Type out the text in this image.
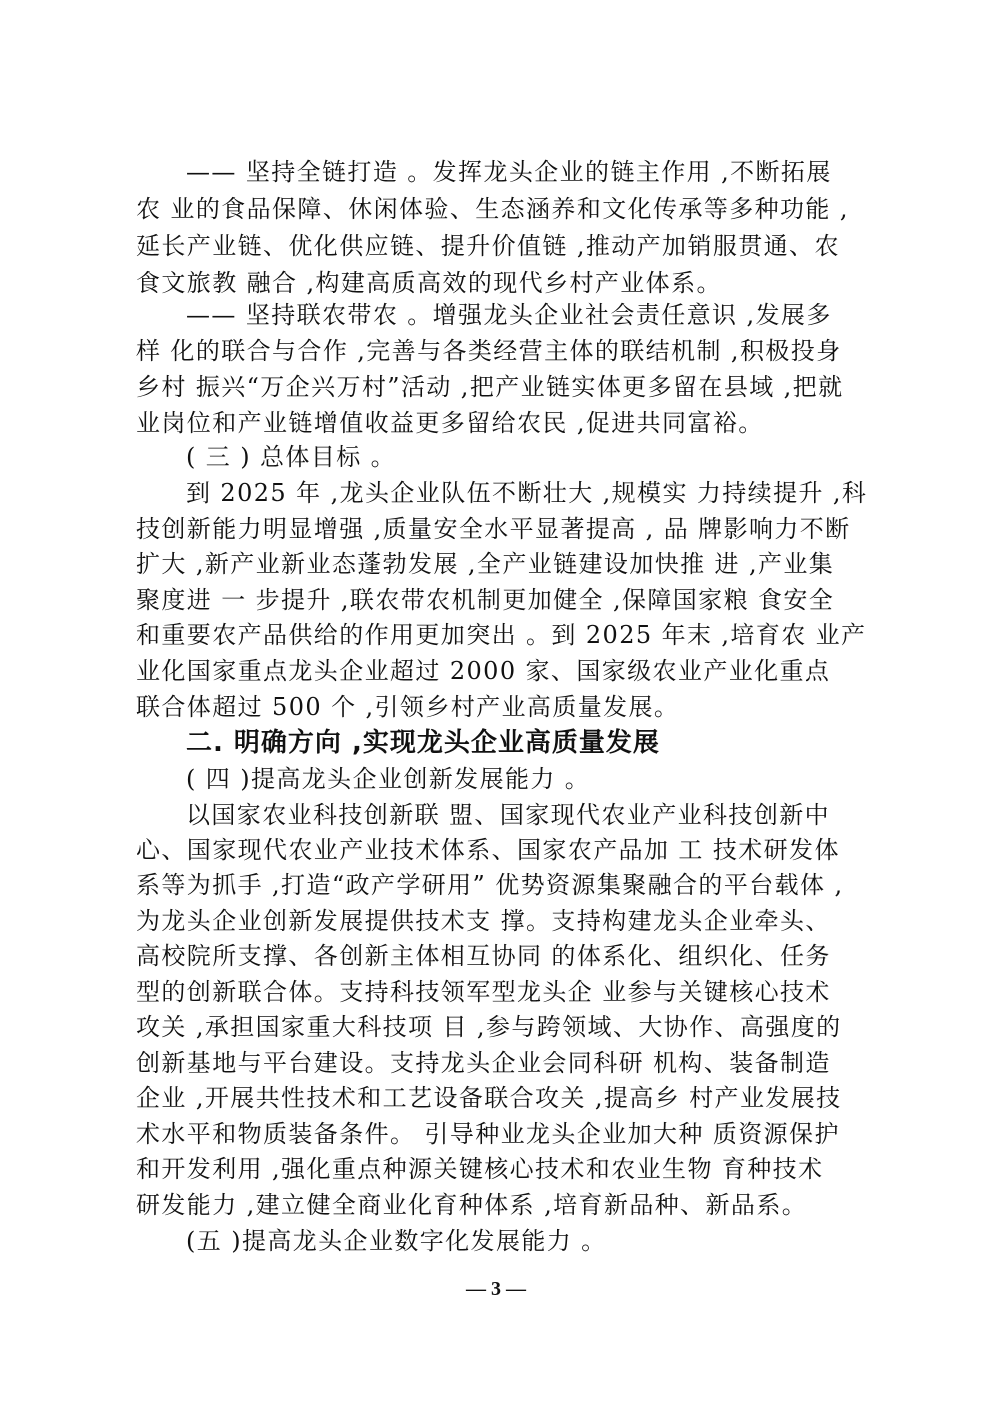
—— 坚持全链打造 。发挥龙头企业的链主作用 ,不断拓展
农 业的食品保障、休闲体验、生态涵养和文化传承等多种功能 ,
延长产业链、优化供应链、提升价值链 ,推动产加销服贯通、农
食文旅教 融合 ,构建高质高效的现代乡村产业体系。
—— 坚持联农带农 。增强龙头企业社会责任意识 ,发展多
样 化的联合与合作 ,完善与各类经营主体的联结机制 ,积极投身
乡村 振兴“万企兴万村”活动 ,把产业链实体更多留在县域 ,把就
业岗位和产业链增值收益更多留给农民 ,促进共同富裕。
( 三 ) 总体目标 。
到 2025 年 ,龙头企业队伍不断壮大 ,规模实 力持续提升 ,科
技创新能力明显增强 ,质量安全水平显著提高 , 品 牌影响力不断
扩大 ,新产业新业态蓬勃发展 ,全产业链建设加快推 进 ,产业集
聚度进 一 步提升 ,联农带农机制更加健全 ,保障国家粮 食安全
和重要农产品供给的作用更加突出 。到 2025 年末 ,培育农 业产
业化国家重点龙头企业超过 2000 家、国家级农业产业化重点
联合体超过 500 个 ,引领乡村产业高质量发展。
二. 明确方向 ,实现龙头企业高质量发展
( 四 )提高龙头企业创新发展能力 。
以国家农业科技创新联 盟、国家现代农业产业科技创新中
心、国家现代农业产业技术体系、国家农产品加 工 技术研发体
系等为抓手 ,打造“政产学研用” 优势资源集聚融合的平台载体 ,
为龙头企业创新发展提供技术支 撑。支持构建龙头企业牵头、
高校院所支撑、各创新主体相互协同 的体系化、组织化、任务
型的创新联合体。支持科技领军型龙头企 业参与关键核心技术
攻关 ,承担国家重大科技项 目 ,参与跨领域、大协作、高强度的
创新基地与平台建设。支持龙头企业会同科研 机构、装备制造
企业 ,开展共性技术和工艺设备联合攻关 ,提高乡 村产业发展技
术水平和物质装备条件。 引导种业龙头企业加大种 质资源保护
和开发利用 ,强化重点种源关键核心技术和农业生物 育种技术
研发能力 ,建立健全商业化育种体系 ,培育新品种、新品系。
(五 )提高龙头企业数字化发展能力 。
— 3 —
